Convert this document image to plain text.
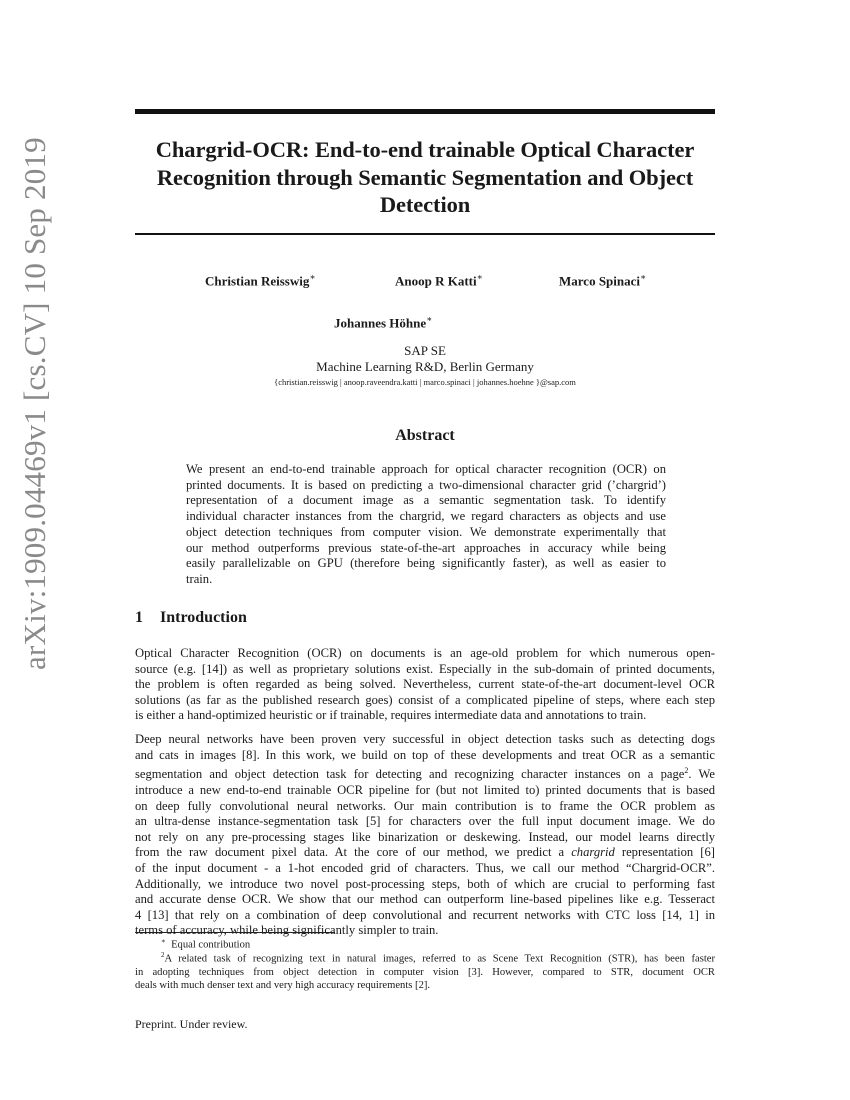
arXiv:1909.04469v1 [cs.CV] 10 Sep 2019	Chargrid-OCR: End-to-end trainable Optical Character
Recognition through Semantic Segmentation and Object
Detection
Christian Reisswig∗	Anoop R Katti∗	Marco Spinaci∗
Johannes Höhne∗
SAP SE
Machine Learning R&D, Berlin Germany
{christian.reisswig | anoop.raveendra.katti | marco.spinaci | johannes.hoehne }@sap.com
Abstract
We present an end-to-end trainable approach for optical character recognition (OCR) on
printed documents. It is based on predicting a two-dimensional character grid (’chargrid’)
representation of a document image as a semantic segmentation task. To identify
individual character instances from the chargrid, we regard characters as objects and use
object detection techniques from computer vision. We demonstrate experimentally that
our method outperforms previous state-of-the-art approaches in accuracy while being
easily parallelizable on GPU (therefore being significantly faster), as well as easier to
train.
1 Introduction
Optical Character Recognition (OCR) on documents is an age-old problem for which numerous open-
source (e.g. [14]) as well as proprietary solutions exist. Especially in the sub-domain of printed documents,
the problem is often regarded as being solved. Nevertheless, current state-of-the-art document-level OCR
solutions (as far as the published research goes) consist of a complicated pipeline of steps, where each step
is either a hand-optimized heuristic or if trainable, requires intermediate data and annotations to train.
Deep neural networks have been proven very successful in object detection tasks such as detecting dogs
and cats in images [8]. In this work, we build on top of these developments and treat OCR as a semantic
segmentation and object detection task for detecting and recognizing character instances on a page$^2$. We
introduce a new end-to-end trainable OCR pipeline for (but not limited to) printed documents that is based
on deep fully convolutional neural networks. Our main contribution is to frame the OCR problem as
an ultra-dense instance-segmentation task [5] for characters over the full input document image. We do
not rely on any pre-processing stages like binarization or deskewing. Instead, our model learns directly
from the raw document pixel data. At the core of our method, we predict a chargrid representation [6]
of the input document - a 1-hot encoded grid of characters. Thus, we call our method “Chargrid-OCR”.
Additionally, we introduce two novel post-processing steps, both of which are crucial to performing fast
and accurate dense OCR. We show that our method can outperform line-based pipelines like e.g. Tesseract
4 [13] that rely on a combination of deep convolutional and recurrent networks with CTC loss [14, 1] in
terms of accuracy, while being significantly simpler to train.
∗ Equal contribution
$^2$A related task of recognizing text in natural images, referred to as Scene Text Recognition (STR), has been faster
in adopting techniques from object detection in computer vision [3]. However, compared to STR, document OCR
deals with much denser text and very high accuracy requirements [2].
Preprint. Under review.
